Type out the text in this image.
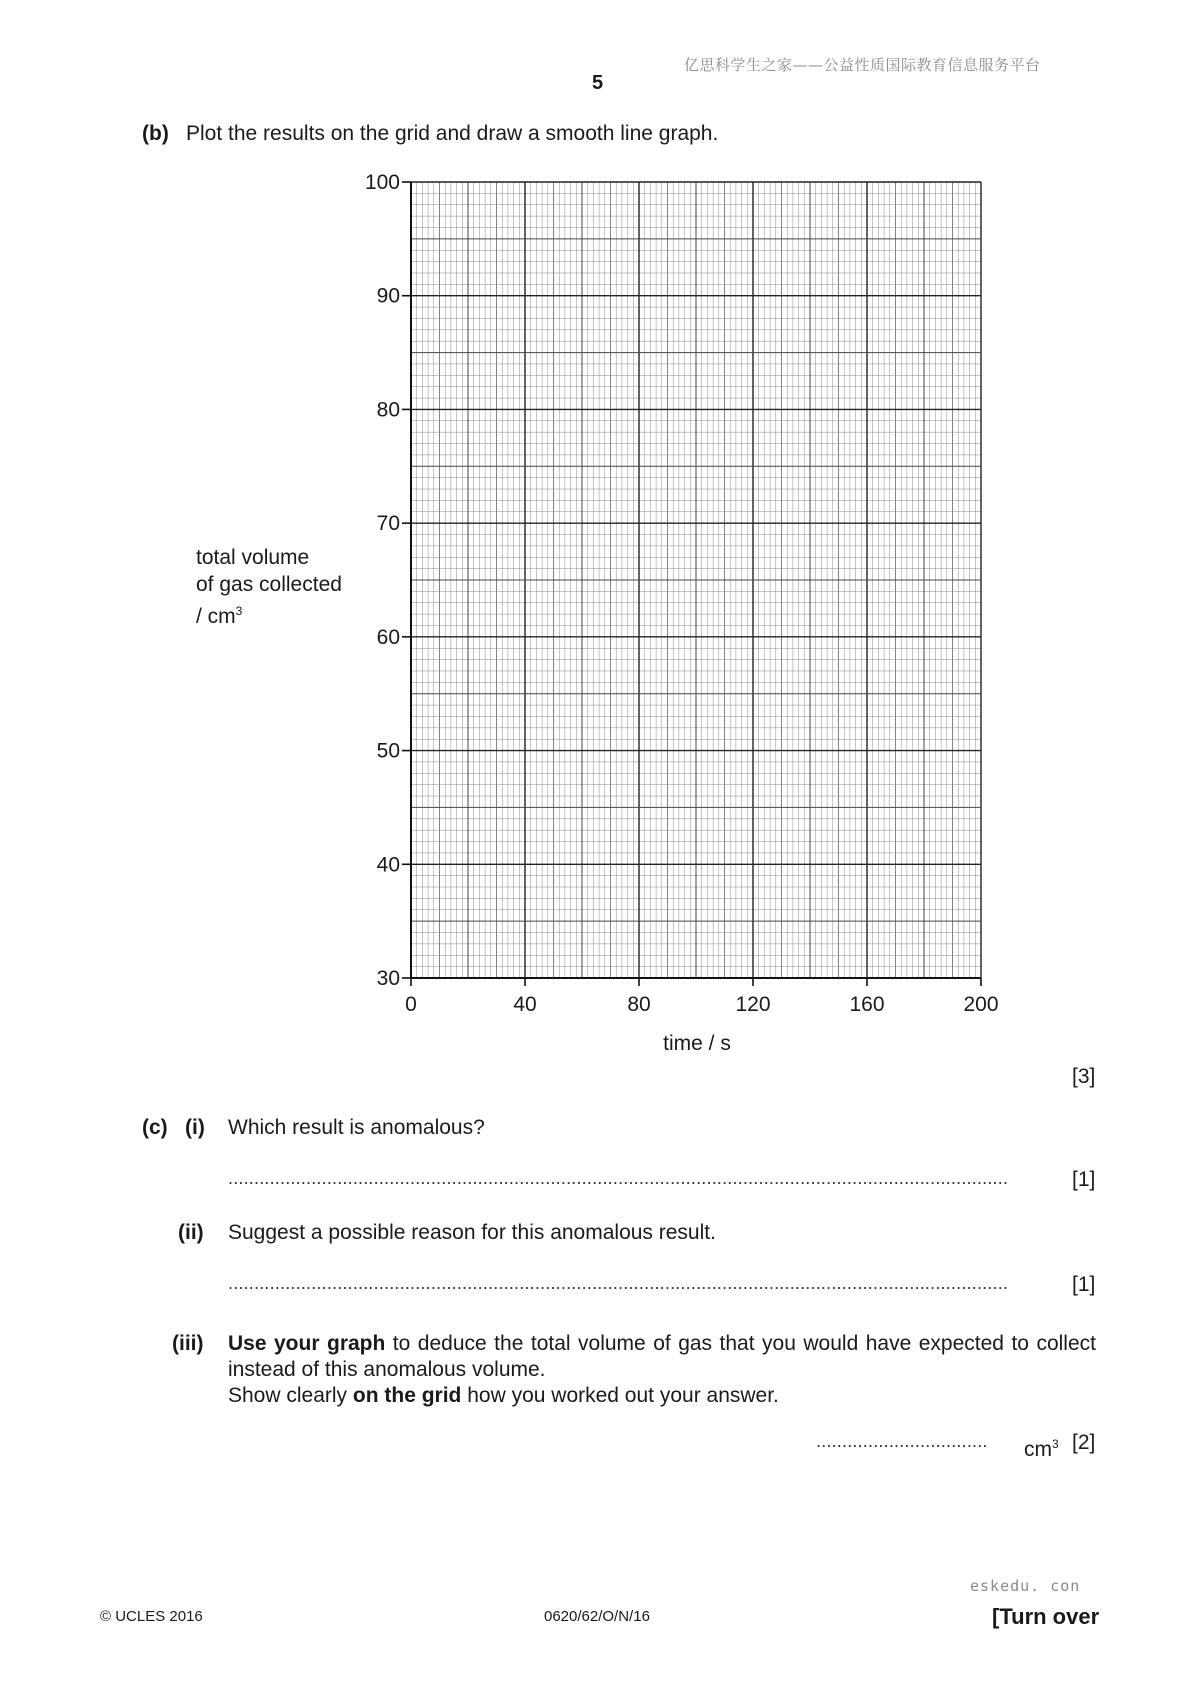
亿思科学生之家——公益性质国际教育信息服务平台
5
(b) Plot the results on the grid and draw a smooth line graph.
total volume
of gas collected
/ $cm^3$
0	40	80	120	160	200
30
40
50
60
70
80
90
100
time / s
[3]
(c) (i) Which result is anomalous?
......................................................................................................................................................	[1]
(ii) Suggest a possible reason for this anomalous result.
......................................................................................................................................................	[1]
(iii) Use your graph to deduce the total volume of gas that you would have expected to collect instead of this anomalous volume.
Show clearly on the grid how you worked out your answer.
.................................	$cm^3$ [2]
eskedu. con
© UCLES 2016	0620/62/O/N/16	[Turn over
